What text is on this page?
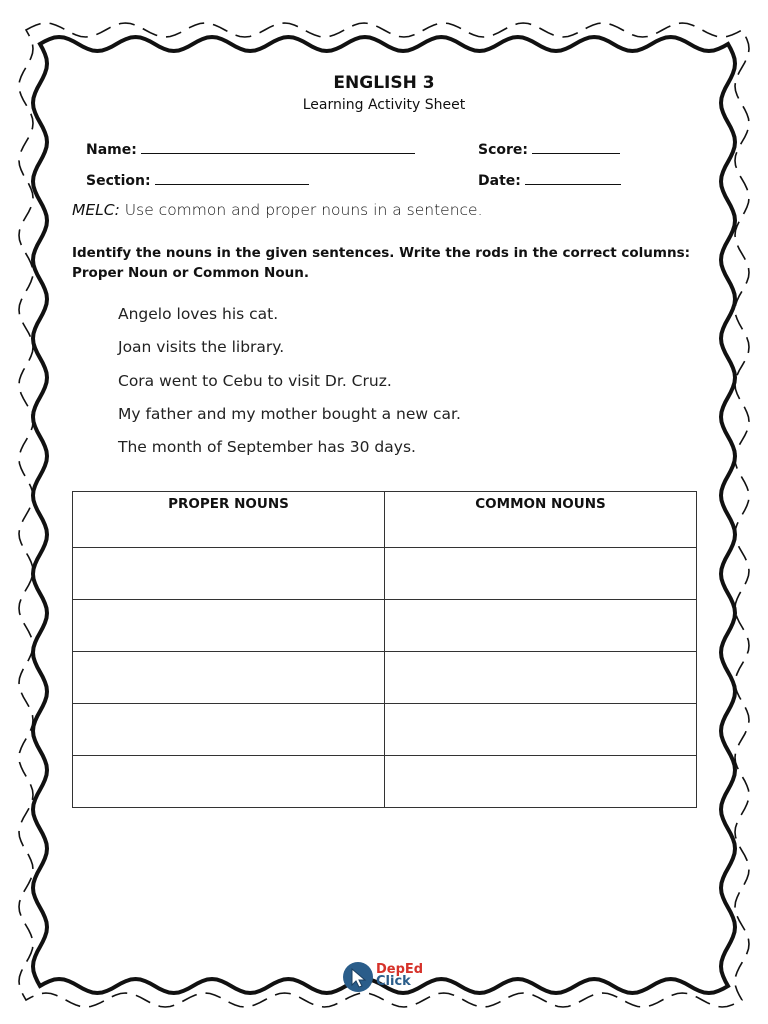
ENGLISH 3
Learning Activity Sheet
Name:	Score:
Section:	Date:
MELC: Use common and proper nouns in a sentence.
Identify the nouns in the given sentences. Write the rods in the correct columns: Proper Noun or Common Noun.
Angelo loves his cat.
Joan visits the library.
Cora went to Cebu to visit Dr. Cruz.
My father and my mother bought a new car.
The month of September has 30 days.
PROPER NOUNS	COMMON NOUNS

DepEd
Click
